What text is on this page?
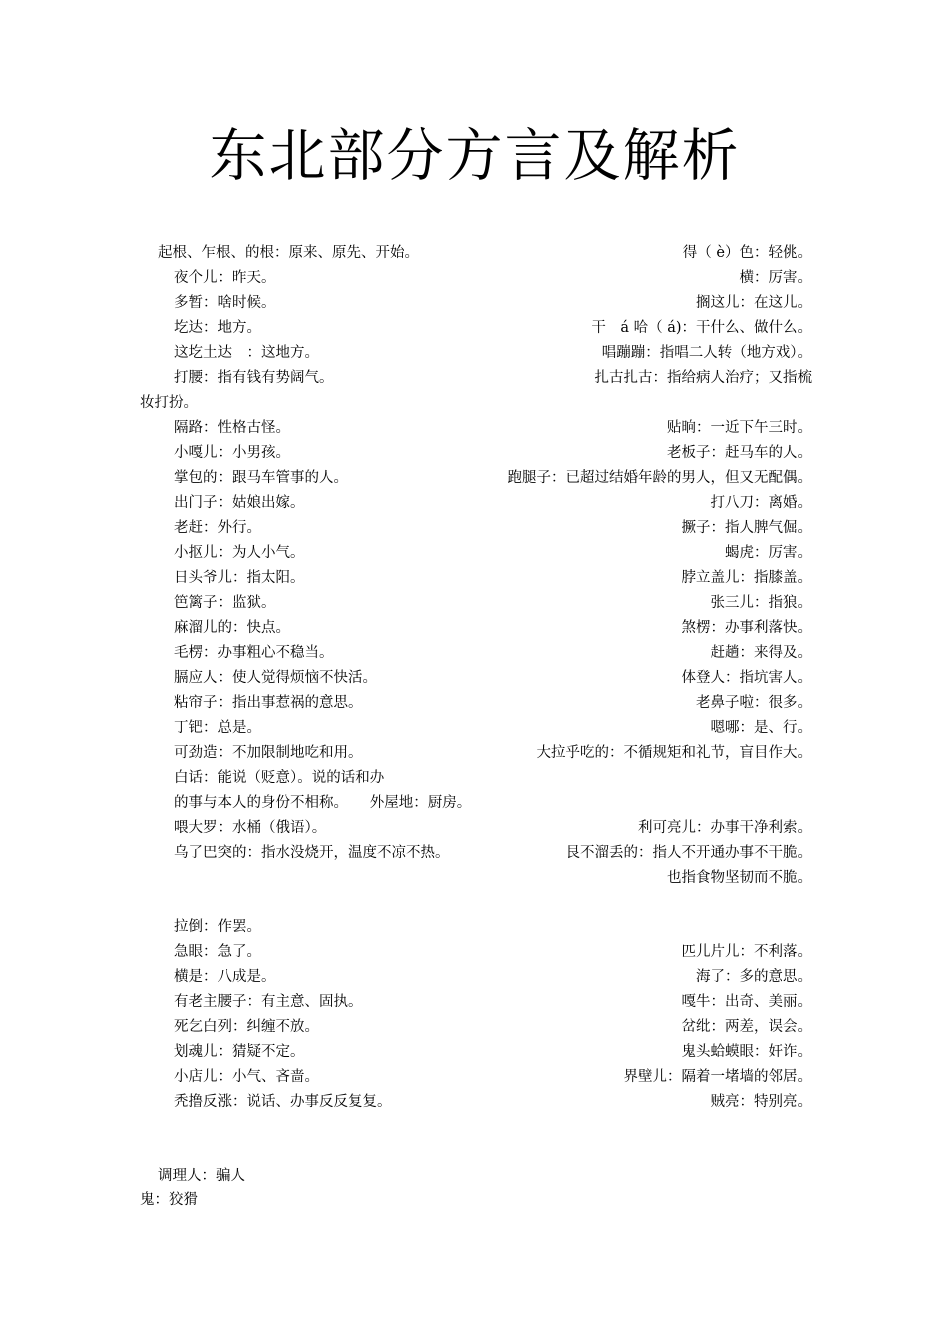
东北部分方言及解析
起根、乍根、的根：原来、原先、开始。	得（ è）色：轻佻。
夜个儿：昨天。	横：厉害。
多暂：啥时候。	搁这儿：在这儿。
圪达：地方。	干　á 哈（ á)：干什么、做什么。
这圪土达　：这地方。	唱蹦蹦：指唱二人转（地方戏）。
打腰：指有钱有势阔气。	扎古扎古：指给病人治疗；又指梳
妆打扮。
隔路：性格古怪。	贴晌：一近下午三时。
小嘎儿：小男孩。	老板子：赶马车的人。
掌包的：跟马车管事的人。	跑腿子：已超过结婚年龄的男人，但又无配偶。
出门子：姑娘出嫁。	打八刀：离婚。
老赶：外行。	撅子：指人脾气倔。
小抠儿：为人小气。	蝎虎：厉害。
日头爷儿：指太阳。	脖立盖儿：指膝盖。
笆篱子：监狱。	张三儿：指狼。
麻溜儿的：快点。	煞楞：办事利落快。
毛楞：办事粗心不稳当。	赶趟：来得及。
膈应人：使人觉得烦恼不快活。	体登人：指坑害人。
粘帘子：指出事惹祸的意思。	老鼻子啦：很多。
丁钯：总是。	嗯哪：是、行。
可劲造：不加限制地吃和用。	大拉乎吃的：不循规矩和礼节，盲目作大。
白话：能说（贬意）。说的话和办
的事与本人的身份不相称。　　外屋地：厨房。
喂大罗：水桶（俄语）。	利可亮儿：办事干净利索。
乌了巴突的：指水没烧开，温度不凉不热。	艮不溜丢的：指人不开通办事不干脆。
也指食物坚韧而不脆。
拉倒：作罢。
急眼：急了。	匹儿片儿：不利落。
横是：八成是。	海了：多的意思。
有老主腰子：有主意、固执。	嘎牛：出奇、美丽。
死乞白列：纠缠不放。	岔纰：两差，误会。
划魂儿：猜疑不定。	鬼头蛤蟆眼：奸诈。
小店儿：小气、吝啬。	界壁儿：隔着一堵墙的邻居。
秃撸反涨：说话、办事反反复复。	贼亮：特别亮。
调理人：骗人
鬼：狡猾
